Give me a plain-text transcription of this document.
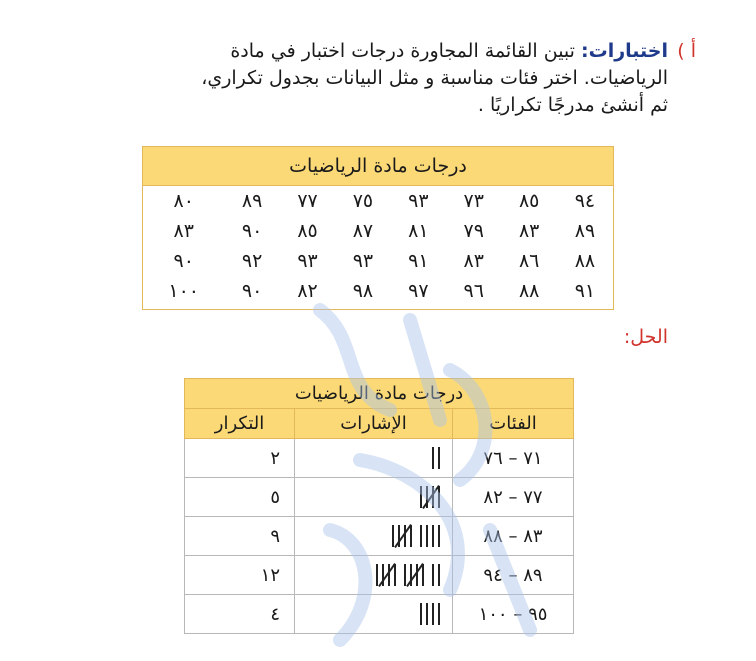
أ )
اختبارات: تبين القائمة المجاورة درجات اختبار في مادة
الرياضيات. اختر فئات مناسبة و مثل البيانات بجدول تكراري،
ثم أنشئ مدرجًا تكراريًا .
درجات مادة الرياضيات							
٩٤	٨٥	٧٣	٩٣	٧٥	٧٧	٨٩	٨٠
٨٩	٨٣	٧٩	٨١	٨٧	٨٥	٩٠	٨٣
٨٨	٨٦	٨٣	٩١	٩٣	٩٣	٩٢	٩٠
٩١	٨٨	٩٦	٩٧	٩٨	٨٢	٩٠	١٠٠
الحل:
درجات مادة الرياضيات		
الفئات	الإشارات	التكرار
٧١ – ٧٦		٢
٧٧ – ٨٢		٥
٨٣ – ٨٨		٩
٨٩ – ٩٤		١٢
٩٥ – ١٠٠		٤
